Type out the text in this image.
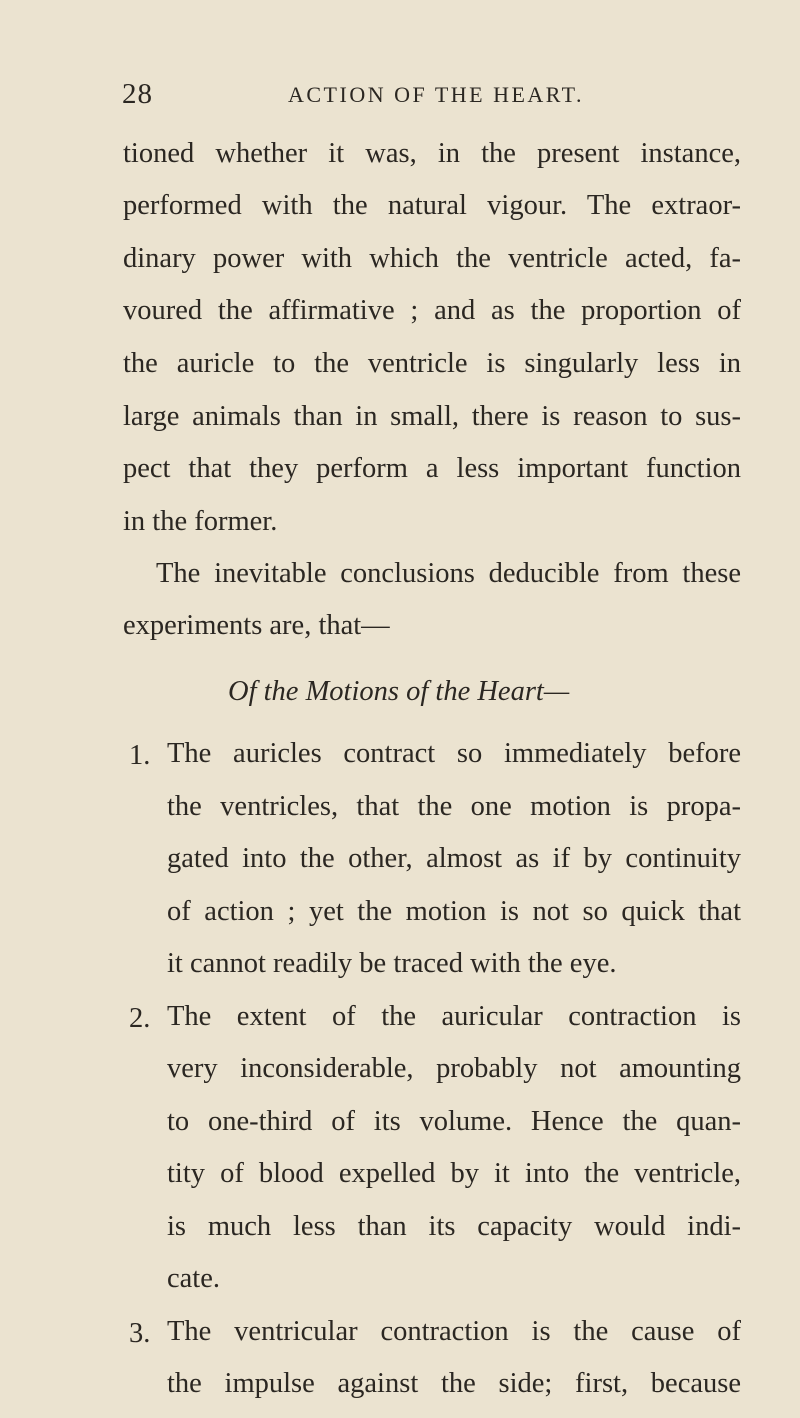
28	ACTION OF THE HEART.
tioned whether it was, in the present instance,
performed with the natural vigour. The extraor-
dinary power with which the ventricle acted, fa-
voured the affirmative ; and as the proportion of
the auricle to the ventricle is singularly less in
large animals than in small, there is reason to sus-
pect that they perform a less important function
in the former.
The inevitable conclusions deducible from these
experiments are, that—
Of the Motions of the Heart—
1. The auricles contract so immediately before
the ventricles, that the one motion is propa-
gated into the other, almost as if by continuity
of action ; yet the motion is not so quick that
it cannot readily be traced with the eye.
2. The extent of the auricular contraction is
very inconsiderable, probably not amounting
to one-third of its volume. Hence the quan-
tity of blood expelled by it into the ventricle,
is much less than its capacity would indi-
cate.
3. The ventricular contraction is the cause of
the impulse against the side; first, because
